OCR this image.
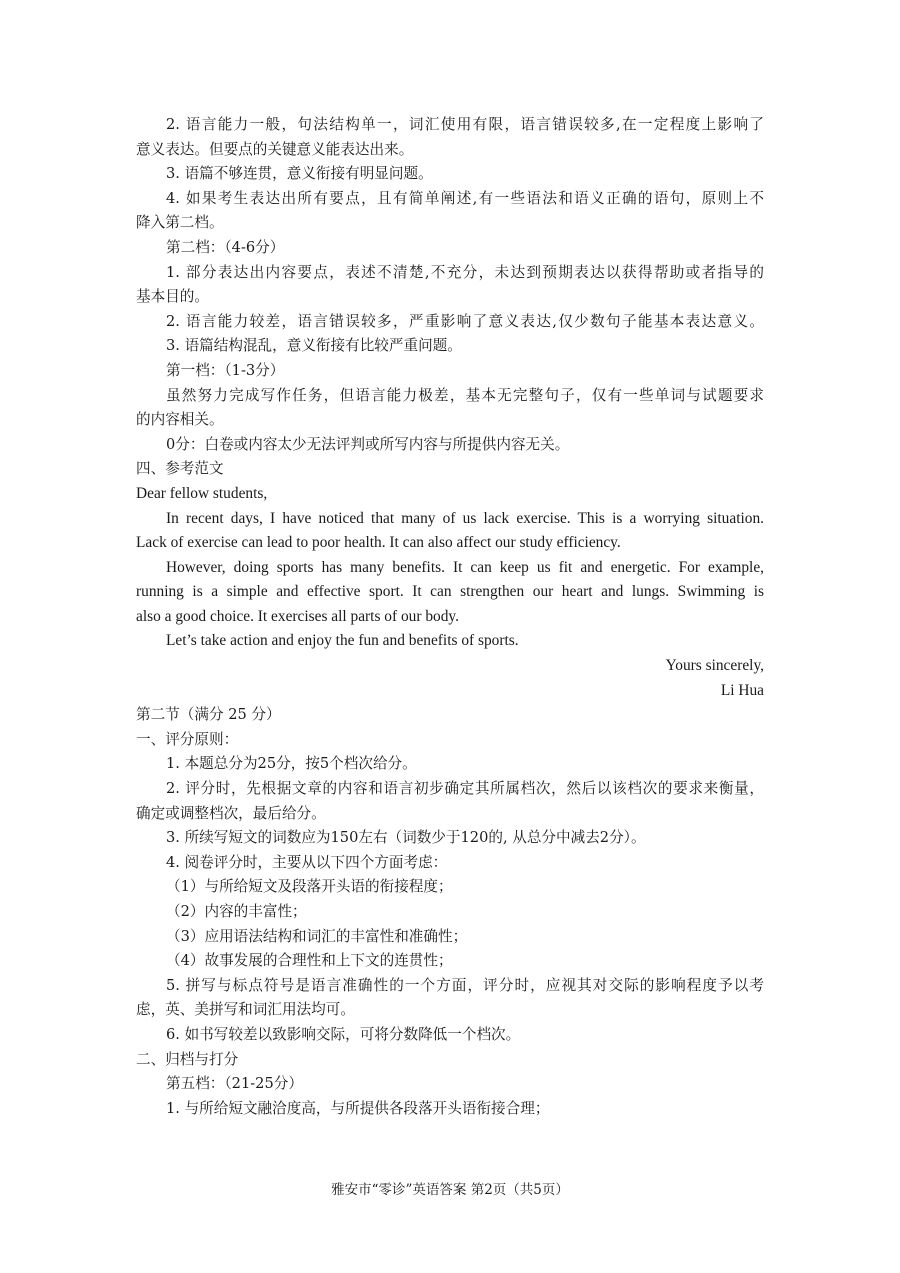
2. 语言能力一般，句法结构单一，词汇使用有限，语言错误较多,在一定程度上影响了
意义表达。但要点的关键意义能表达出来。
3. 语篇不够连贯，意义衔接有明显问题。
4. 如果考生表达出所有要点，且有简单阐述,有一些语法和语义正确的语句，原则上不
降入第二档。
第二档：（4-6分）
1. 部分表达出内容要点，表述不清楚,不充分，未达到预期表达以获得帮助或者指导的
基本目的。
2. 语言能力较差，语言错误较多，严重影响了意义表达,仅少数句子能基本表达意义。
3. 语篇结构混乱，意义衔接有比较严重问题。
第一档：（1-3分）
虽然努力完成写作任务，但语言能力极差，基本无完整句子，仅有一些单词与试题要求
的内容相关。
0分：白卷或内容太少无法评判或所写内容与所提供内容无关。
四、参考范文
Dear fellow students,
In recent days, I have noticed that many of us lack exercise. This is a worrying situation.
Lack of exercise can lead to poor health. It can also affect our study efficiency.
However, doing sports has many benefits. It can keep us fit and energetic. For example,
running is a simple and effective sport. It can strengthen our heart and lungs. Swimming is
also a good choice. It exercises all parts of our body.
Let’s take action and enjoy the fun and benefits of sports.
Yours sincerely,
Li Hua
第二节（满分 25 分）
一、评分原则：
1. 本题总分为25分，按5个档次给分。
2. 评分时，先根据文章的内容和语言初步确定其所属档次，然后以该档次的要求来衡量，
确定或调整档次，最后给分。
3. 所续写短文的词数应为150左右（词数少于120的, 从总分中减去2分）。
4. 阅卷评分时，主要从以下四个方面考虑：
（1）与所给短文及段落开头语的衔接程度；
（2）内容的丰富性；
（3）应用语法结构和词汇的丰富性和准确性；
（4）故事发展的合理性和上下文的连贯性；
5. 拼写与标点符号是语言准确性的一个方面，评分时，应视其对交际的影响程度予以考
虑，英、美拼写和词汇用法均可。
6. 如书写较差以致影响交际，可将分数降低一个档次。
二、归档与打分
第五档：（21-25分）
1. 与所给短文融洽度高，与所提供各段落开头语衔接合理；
雅安市“零诊”英语答案 第2页（共5页）
